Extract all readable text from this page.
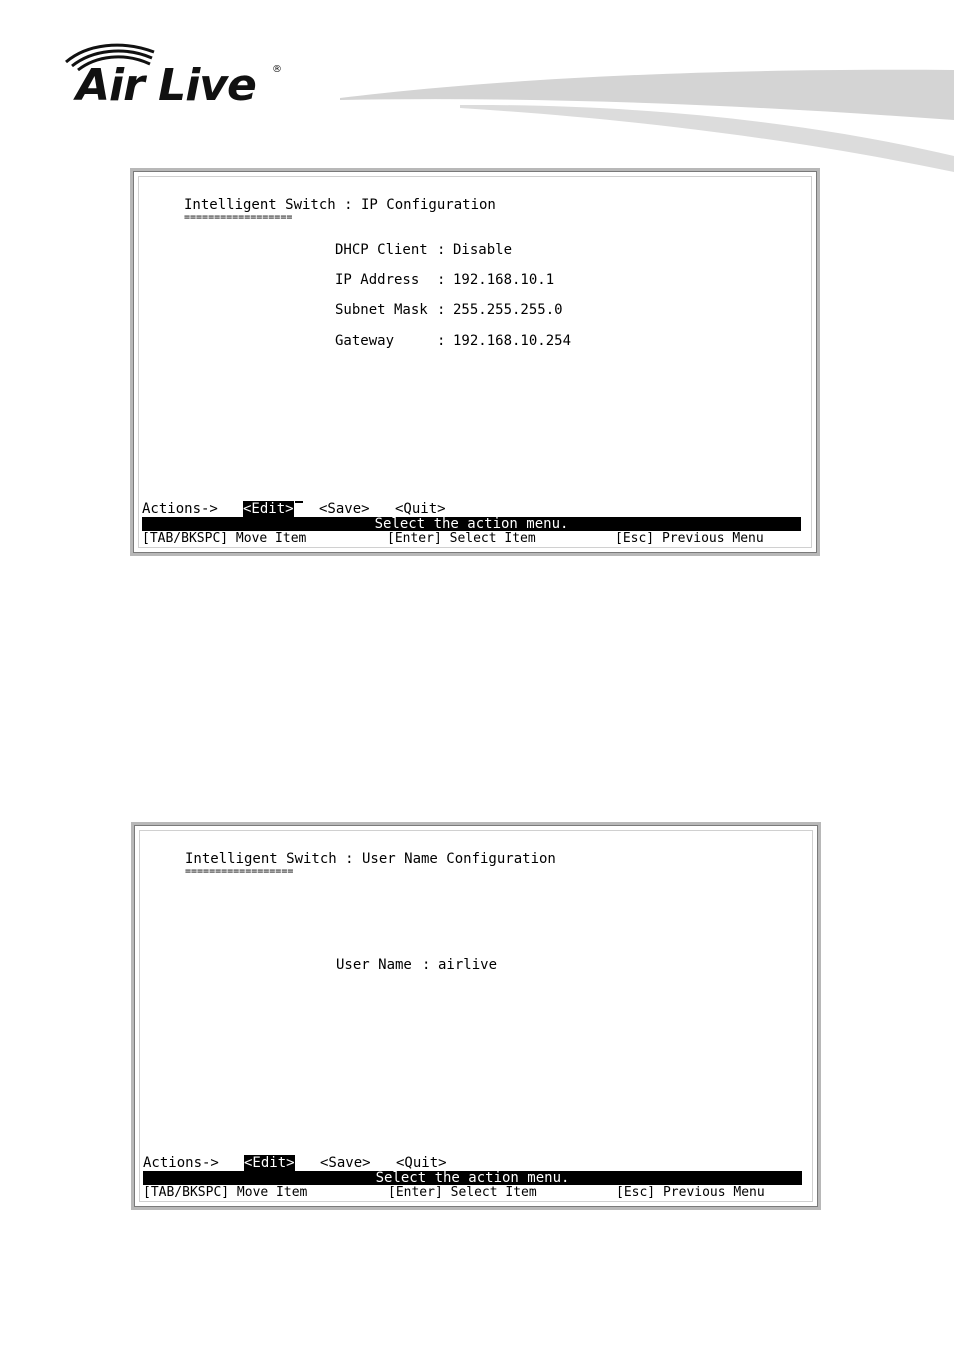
Air Live ®
Intelligent Switch : IP Configuration
==================
DHCP Client : Disable
IP Address : 192.168.10.1
Subnet Mask : 255.255.255.0
Gateway	: 192.168.10.254

Actions->

<Edit>

<Save>

<Quit>

Select the action menu.

[TAB/BKSPC] Move Item

	[Enter] Select Item

	[Esc] Previous Menu

Intelligent Switch : User Name Configuration
==================
User Name : airlive

Actions->

<Edit>

<Save>

<Quit>

Select the action menu.

[TAB/BKSPC] Move Item

	[Enter] Select Item

	[Esc] Previous Menu
